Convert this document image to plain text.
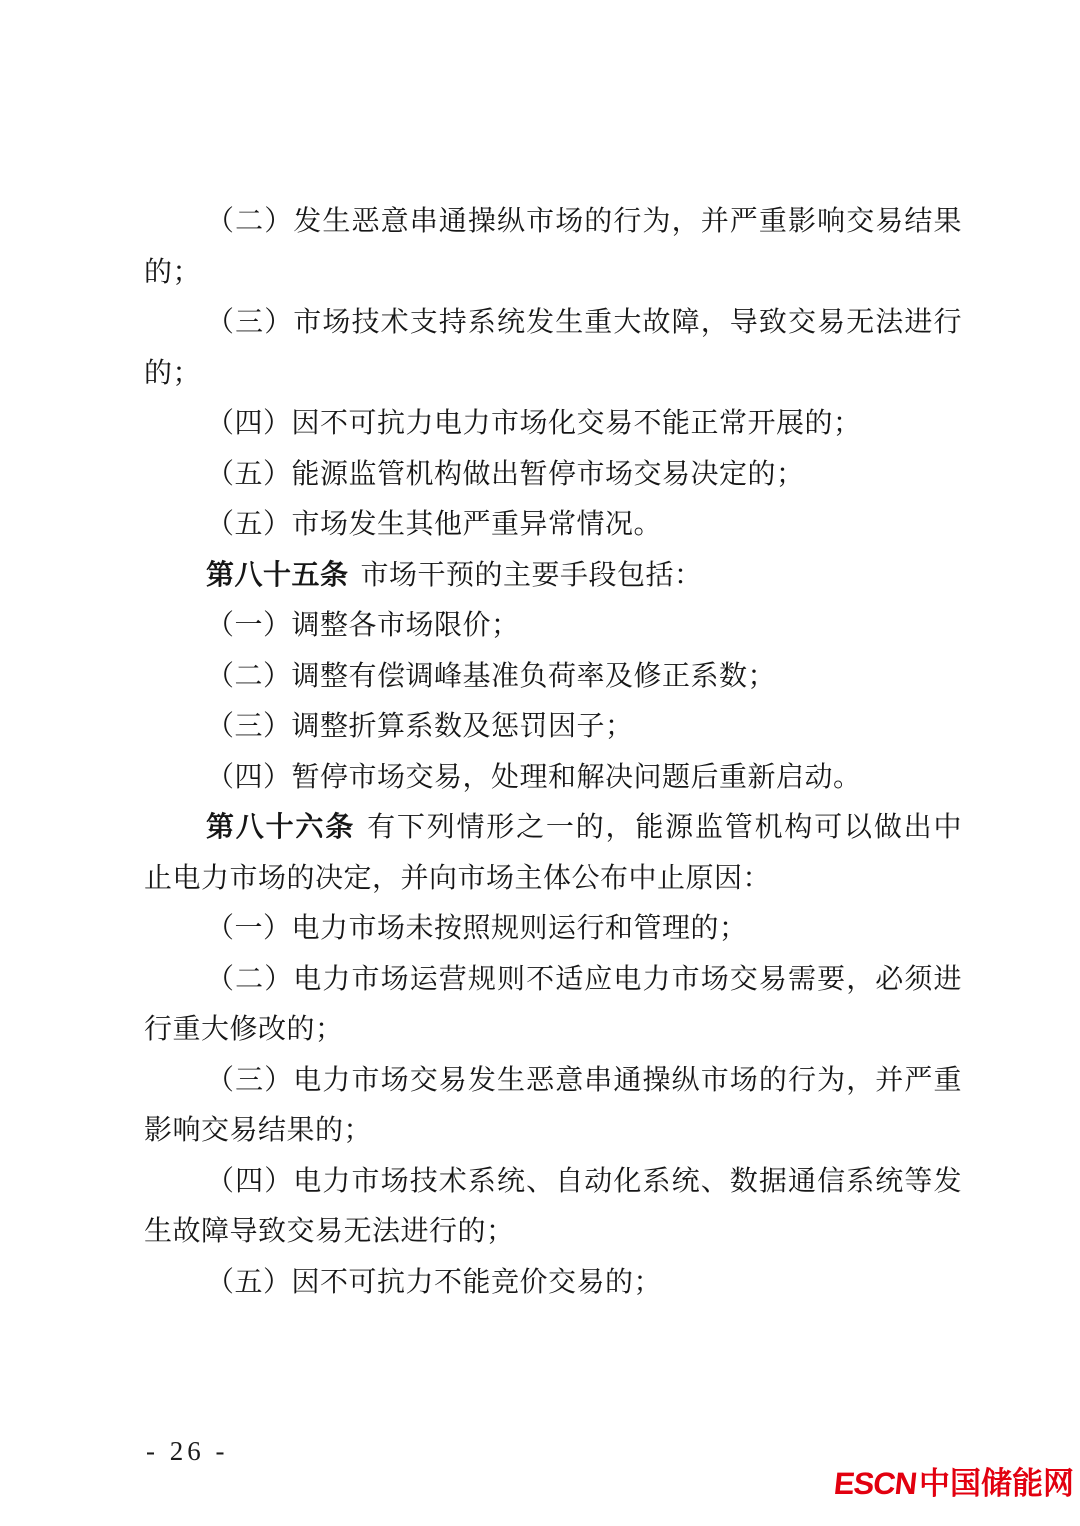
（二）发生恶意串通操纵市场的行为，并严重影响交易结果
的；
（三）市场技术支持系统发生重大故障，导致交易无法进行
的；
（四）因不可抗力电力市场化交易不能正常开展的；
（五）能源监管机构做出暂停市场交易决定的；
（五）市场发生其他严重异常情况。
第八十五条 市场干预的主要手段包括：
（一）调整各市场限价；
（二）调整有偿调峰基准负荷率及修正系数；
（三）调整折算系数及惩罚因子；
（四）暂停市场交易，处理和解决问题后重新启动。
第八十六条 有下列情形之一的，能源监管机构可以做出中
止电力市场的决定，并向市场主体公布中止原因：
（一）电力市场未按照规则运行和管理的；
（二）电力市场运营规则不适应电力市场交易需要，必须进
行重大修改的；
（三）电力市场交易发生恶意串通操纵市场的行为，并严重
影响交易结果的；
（四）电力市场技术系统、自动化系统、数据通信系统等发
生故障导致交易无法进行的；
（五）因不可抗力不能竞价交易的；
- 26 -
ESCN中国储能网
